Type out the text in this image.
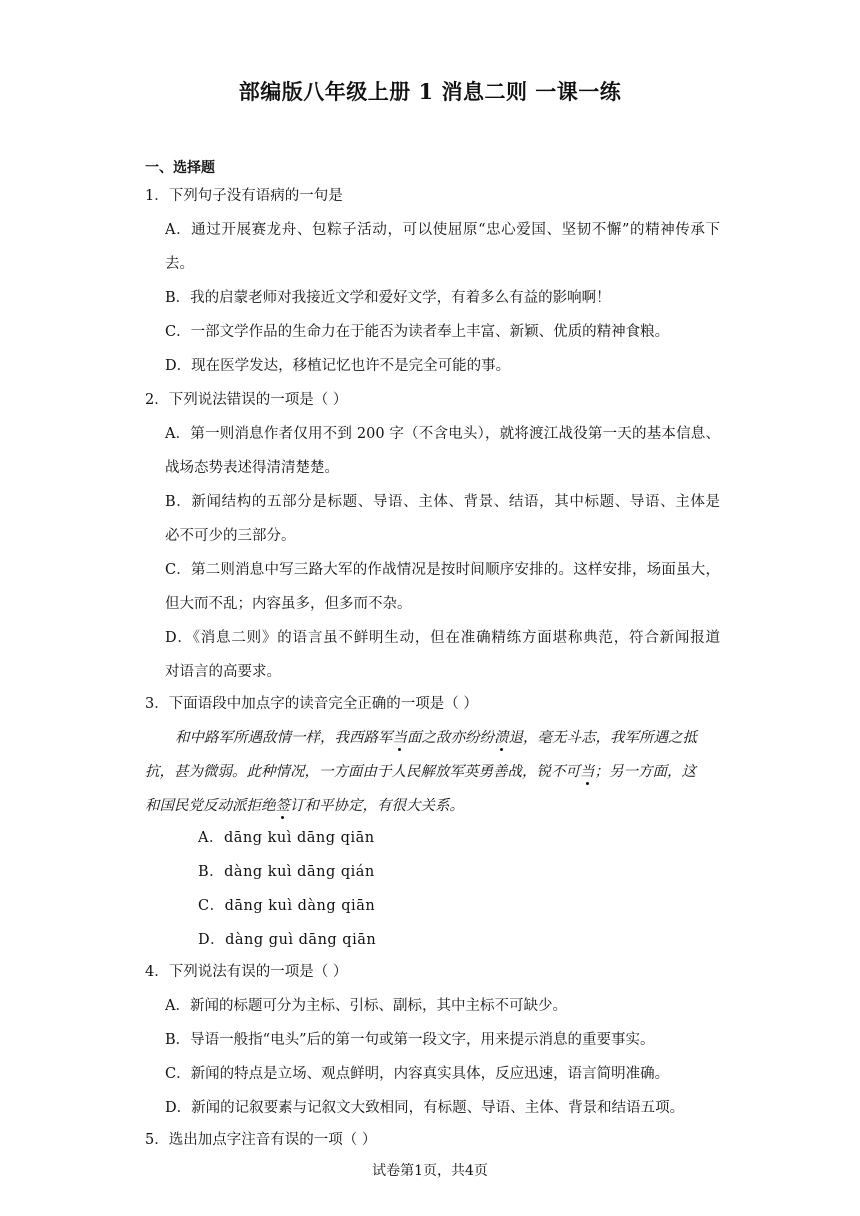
部编版八年级上册 1 消息二则 一课一练
一、选择题
1．下列句子没有语病的一句是
A．通过开展赛龙舟、包粽子活动，可以使屈原“忠心爱国、坚韧不懈”的精神传承下
去。
B．我的启蒙老师对我接近文学和爱好文学，有着多么有益的影响啊！
C．一部文学作品的生命力在于能否为读者奉上丰富、新颖、优质的精神食粮。
D．现在医学发达，移植记忆也许不是完全可能的事。
2．下列说法错误的一项是（ ）
A．第一则消息作者仅用不到 200 字（不含电头），就将渡江战役第一天的基本信息、
战场态势表述得清清楚楚。
B．新闻结构的五部分是标题、导语、主体、背景、结语，其中标题、导语、主体是
必不可少的三部分。
C．第二则消息中写三路大军的作战情况是按时间顺序安排的。这样安排，场面虽大，
但大而不乱；内容虽多，但多而不杂。
D．《消息二则》的语言虽不鲜明生动，但在准确精练方面堪称典范，符合新闻报道
对语言的高要求。
3．下面语段中加点字的读音完全正确的一项是（ ）
和中路军所遇敌情一样，我西路军当面之敌亦纷纷溃退，毫无斗志，我军所遇之抵
抗，甚为微弱。此种情况，一方面由于人民解放军英勇善战，锐不可当；另一方面，这
和国民党反动派拒绝签订和平协定，有很大关系。
A．dāng kuì dāng qiān
B．dàng kuì dāng qián
C．dāng kuì dàng qiān
D．dàng guì dāng qiān
4．下列说法有误的一项是（ ）
A．新闻的标题可分为主标、引标、副标，其中主标不可缺少。
B．导语一般指“电头”后的第一句或第一段文字，用来提示消息的重要事实。
C．新闻的特点是立场、观点鲜明，内容真实具体，反应迅速，语言简明准确。
D．新闻的记叙要素与记叙文大致相同，有标题、导语、主体、背景和结语五项。
5．选出加点字注音有误的一项（ ）
试卷第1页，共4页
